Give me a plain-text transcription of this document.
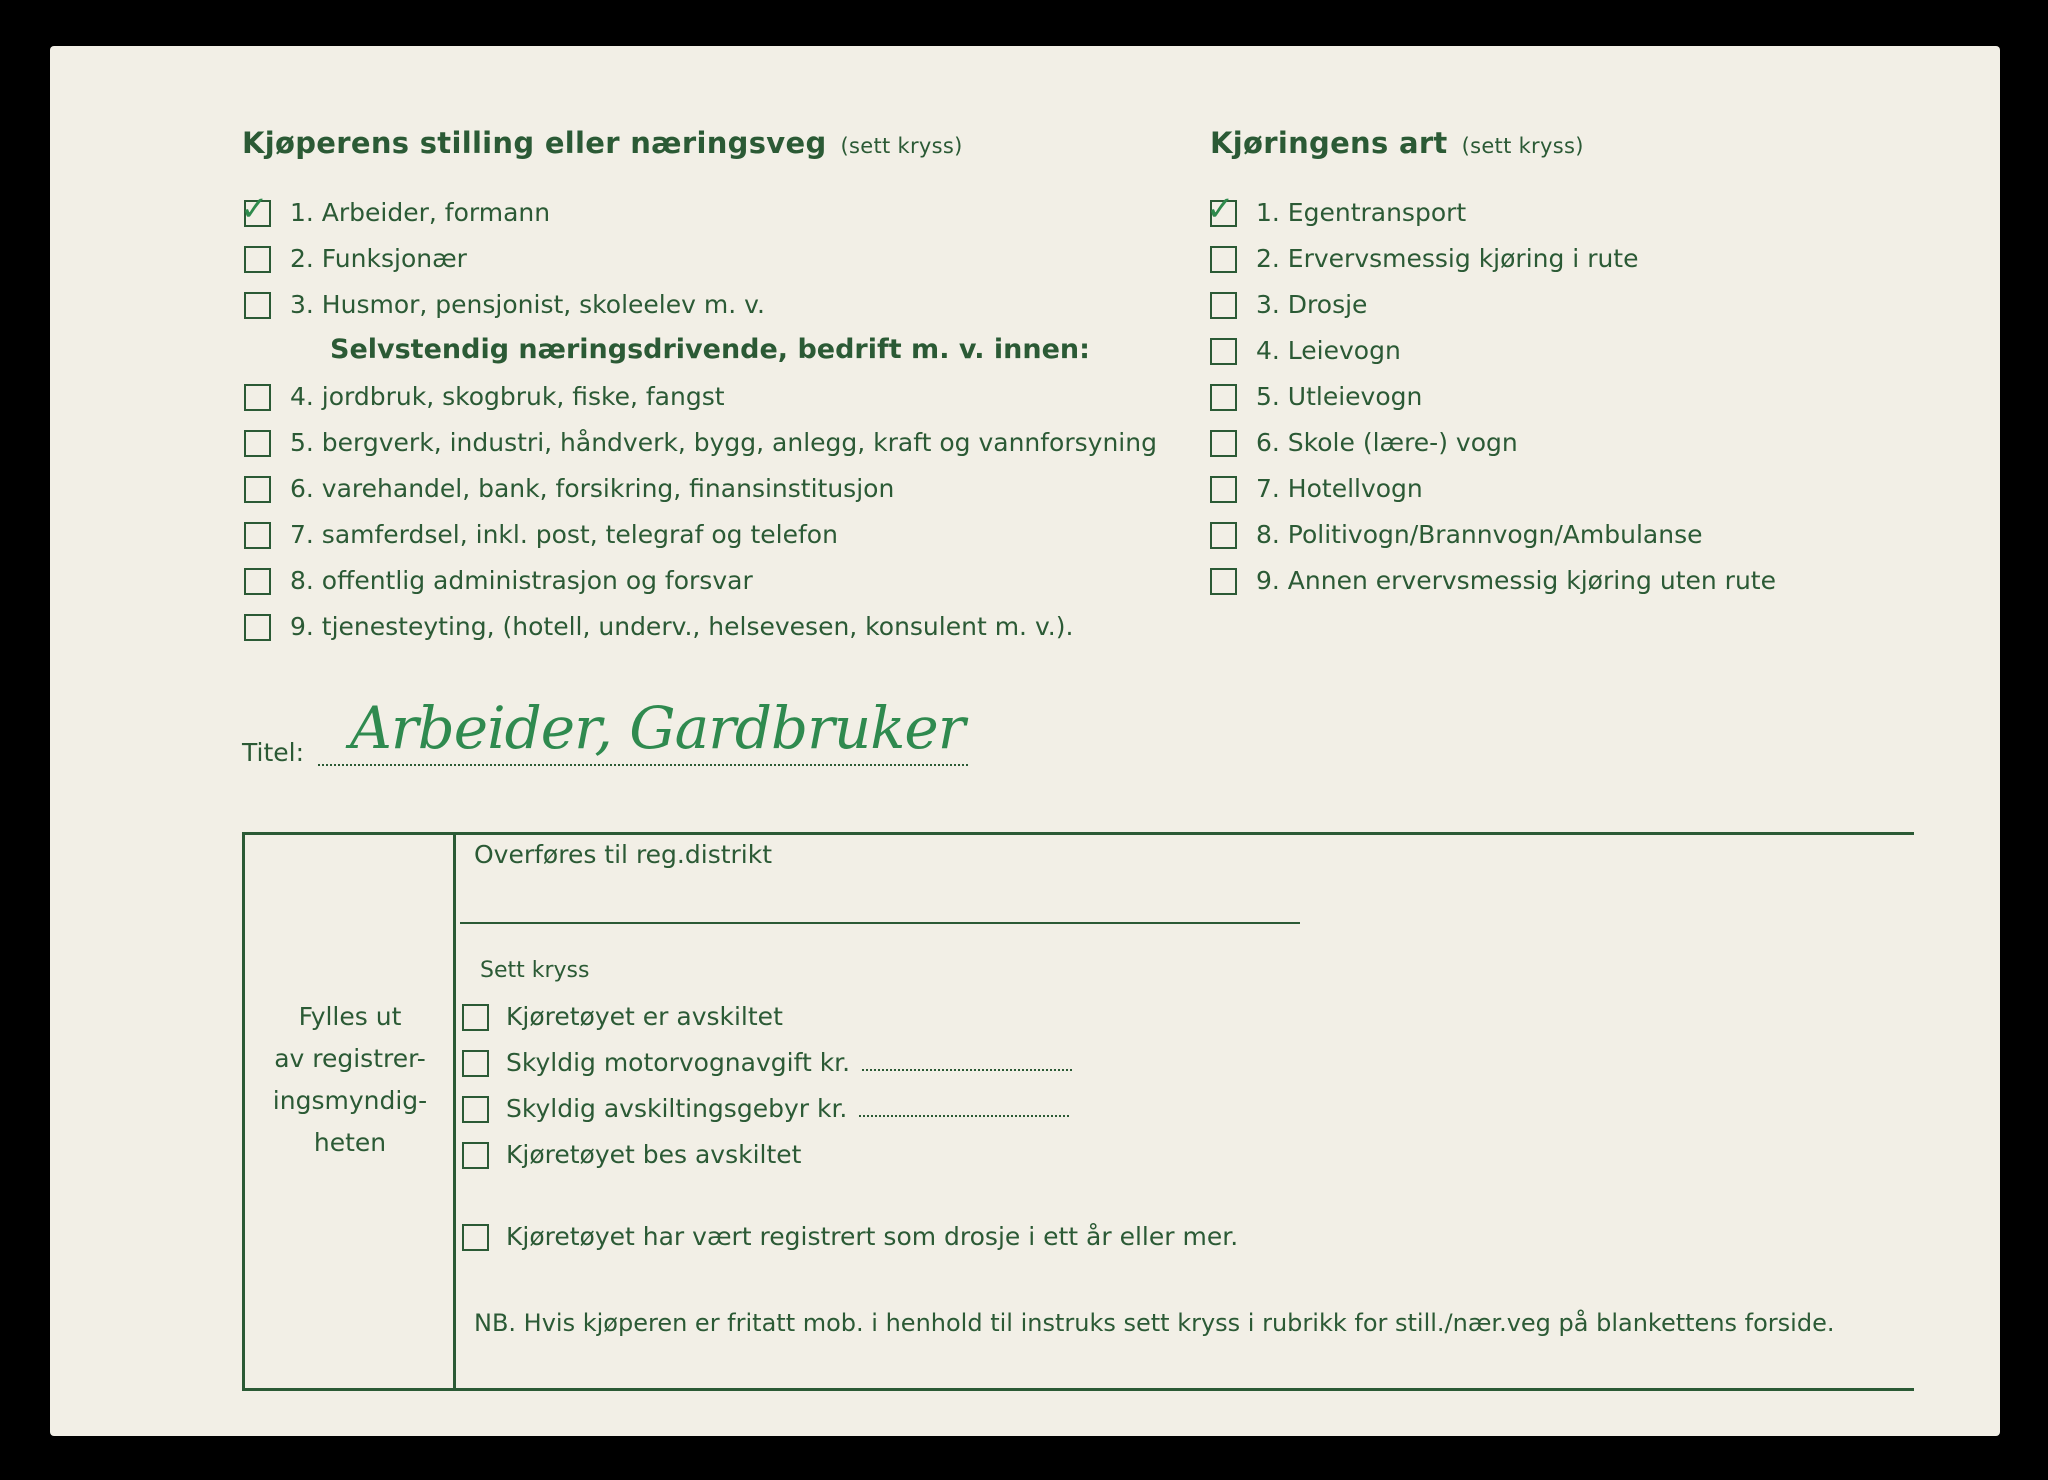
Kjøperens stilling eller næringsveg (sett kryss)	Kjøringens art (sett kryss)
✓ 1. Arbeider, formann
2. Funksjonær
3. Husmor, pensjonist, skoleelev m. v.
Selvstendig næringsdrivende, bedrift m. v. innen:
4. jordbruk, skogbruk, fiske, fangst
5. bergverk, industri, håndverk, bygg, anlegg, kraft og vannforsyning
6. varehandel, bank, forsikring, finansinstitusjon
7. samferdsel, inkl. post, telegraf og telefon
8. offentlig administrasjon og forsvar
9. tjenesteyting, (hotell, underv., helsevesen, konsulent m. v.).
✓ 1. Egentransport
2. Ervervsmessig kjøring i rute
3. Drosje
4. Leievogn
5. Utleievogn
6. Skole (lære-) vogn
7. Hotellvogn
8. Politivogn/Brannvogn/Ambulanse
9. Annen ervervsmessig kjøring uten rute
Titel: Arbeider, Gardbruker
Fylles ut
av registrer-
ingsmyndig-
heten
Overføres til reg.distrikt
Sett kryss
Kjøretøyet er avskiltet
Skyldig motorvognavgift kr.
Skyldig avskiltingsgebyr kr.
Kjøretøyet bes avskiltet
Kjøretøyet har vært registrert som drosje i ett år eller mer.
NB. Hvis kjøperen er fritatt mob. i henhold til instruks sett kryss i rubrikk for still./nær.veg på blankettens forside.
